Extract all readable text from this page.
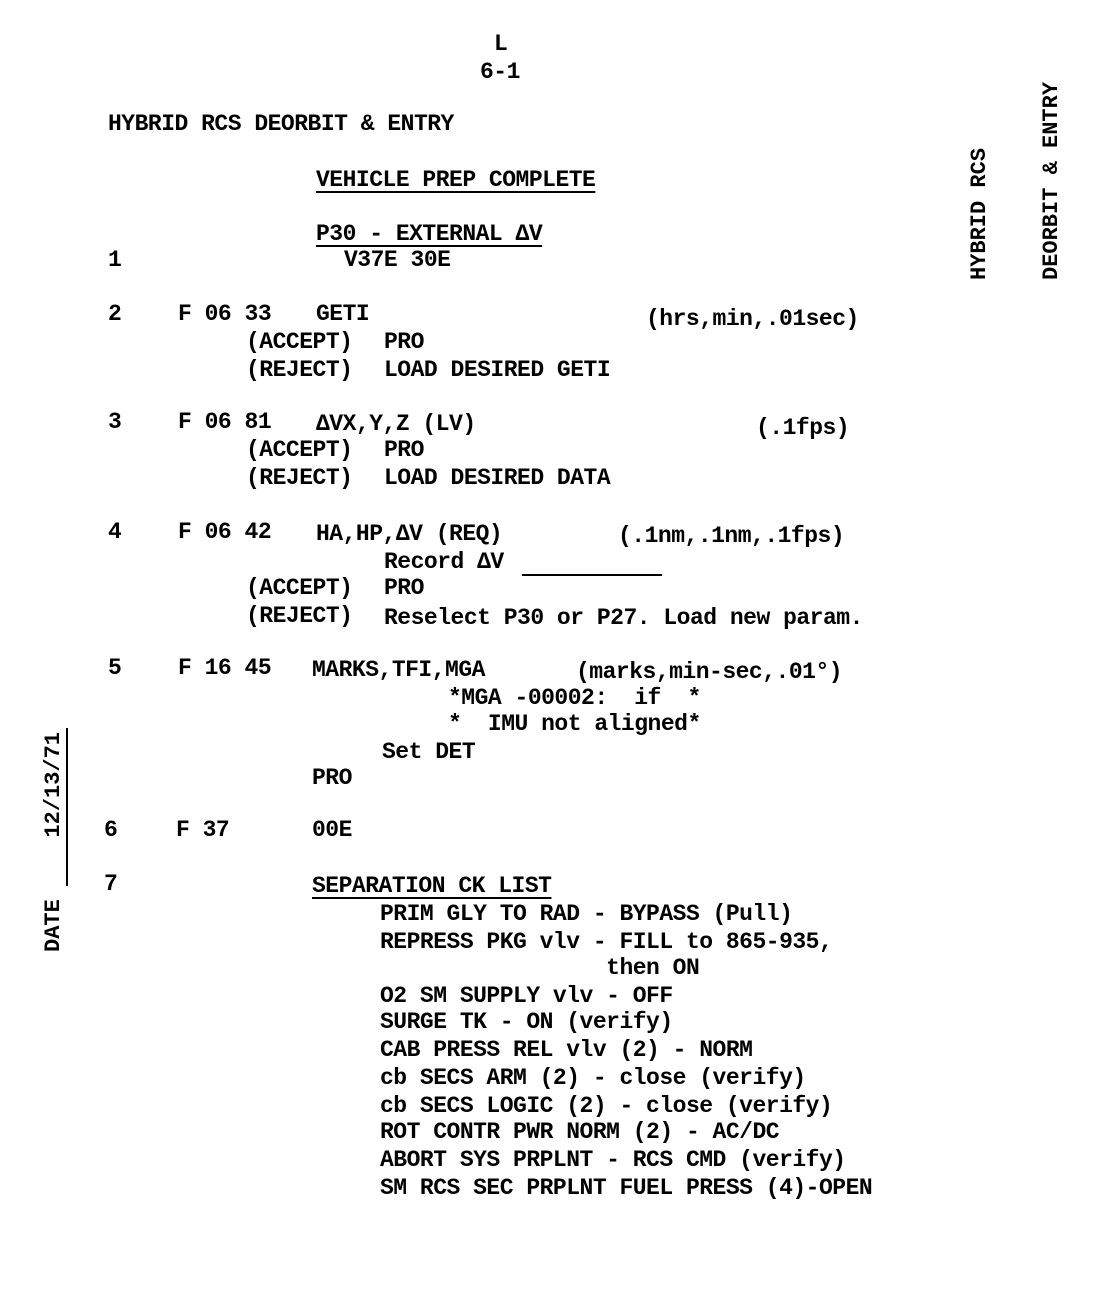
L
6-1
HYBRID RCS DEORBIT & ENTRY

HYBRID RCS

DEORBIT & ENTRY

DATE 12/13/71
VEHICLE PREP COMPLETE
P30 - EXTERNAL ΔV
1	V37E 30E
2 F 06 33 GETI	(hrs,min,.01sec)
(ACCEPT) PRO
(REJECT) LOAD DESIRED GETI
3 F 06 81 ΔVX,Y,Z (LV)	(.1fps)
(ACCEPT) PRO
(REJECT) LOAD DESIRED DATA
4 F 06 42 HA,HP,ΔV (REQ)	(.1nm,.1nm,.1fps)
Record ΔV
(ACCEPT) PRO
(REJECT) Reselect P30 or P27. Load new param.
5 F 16 45 MARKS,TFI,MGA	(marks,min-sec,.01°)
*MGA -00002:  if  *
*  IMU not aligned*
Set DET
PRO
6	F 37	00E
7	SEPARATION CK LIST
PRIM GLY TO RAD - BYPASS (Pull)
REPRESS PKG vlv - FILL to 865-935,
then ON
O2 SM SUPPLY vlv - OFF
SURGE TK - ON (verify)
CAB PRESS REL vlv (2) - NORM
cb SECS ARM (2) - close (verify)
cb SECS LOGIC (2) - close (verify)
ROT CONTR PWR NORM (2) - AC/DC
ABORT SYS PRPLNT - RCS CMD (verify)
SM RCS SEC PRPLNT FUEL PRESS (4)-OPEN
